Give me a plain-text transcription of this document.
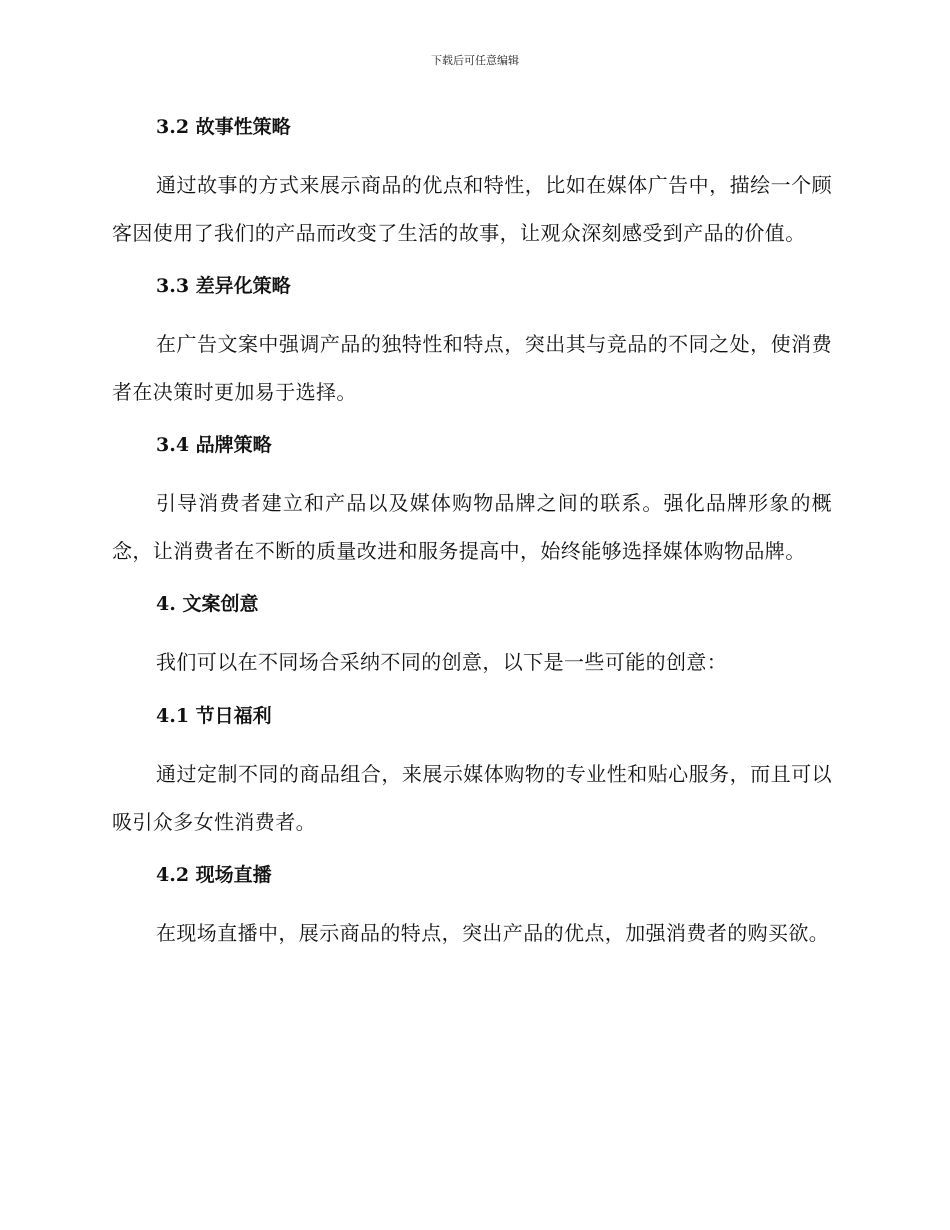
下载后可任意编辑
3.2 故事性策略
通过故事的方式来展示商品的优点和特性，比如在媒体广告中，描绘一个顾客因使用了我们的产品而改变了生活的故事，让观众深刻感受到产品的价值。
3.3 差异化策略
在广告文案中强调产品的独特性和特点，突出其与竞品的不同之处，使消费者在决策时更加易于选择。
3.4 品牌策略
引导消费者建立和产品以及媒体购物品牌之间的联系。强化品牌形象的概念，让消费者在不断的质量改进和服务提高中，始终能够选择媒体购物品牌。
4. 文案创意
我们可以在不同场合采纳不同的创意，以下是一些可能的创意：
4.1 节日福利
通过定制不同的商品组合，来展示媒体购物的专业性和贴心服务，而且可以吸引众多女性消费者。
4.2 现场直播
在现场直播中，展示商品的特点，突出产品的优点，加强消费者的购买欲。
